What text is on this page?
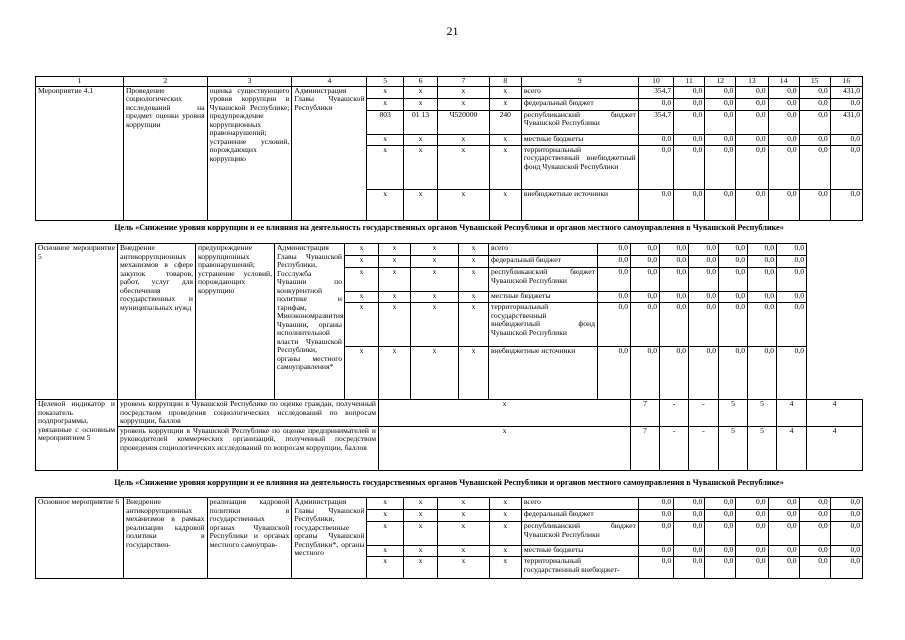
21
1	2	3	4	5	6	7	8	9	10	11	12	13	14	15	16
Мероприятие 4.1	Проведение социологических исследований на предмет оценки уровня коррупции	оценка существующего уровня коррупции в Чувашской Республике; предупреждение коррупционных правонарушений; устранение условий, порождающих коррупцию	Администрация Главы Чувашской Республики	x	x	x	x	всего	354,7	0,0	0,0	0,0	0,0	0,0	431,0
				x	x	x	x	федеральный бюджет	0,0	0,0	0,0	0,0	0,0	0,0	0,0
				803	01 13	Ч520000	240	республиканский бюджет Чувашской Республики	354,7	0,0	0,0	0,0	0,0	0,0	431,0
				x	x	x	x	местные бюджеты	0,0	0,0	0,0	0,0	0,0	0,0	0,0
				x	x	x	x	территориальный государственный внебюджетный фонд Чувашской Республики	0,0	0,0	0,0	0,0	0,0	0,0	0,0
				x	x	x	x	внебюджетные источники	0,0	0,0	0,0	0,0	0,0	0,0	0,0
Цель «Снижение уровня коррупции и ее влияния на деятельность государственных органов Чувашской Республики и органов местного самоуправления в Чувашской Республике»
Основное мероприятие 5	Внедрение антикоррупционных механизмов в сфере закупок товаров, работ, услуг для обеспечения государственных и муниципальных нужд	предупреждение коррупционных правонарушений; устранение условий, порождающих коррупцию	Администрация Главы Чувашской Республики, Госслужба Чувашии по конкурентной политике и тарифам, Минэкономразвития Чувашии, органы исполнительной власти Чувашской Республики, органы местного самоуправления*	x	x	x	x	всего	0,0	0,0	0,0	0,0	0,0	0,0	0,0	
				x	x	x	x	федеральный бюджет	0,0	0,0	0,0	0,0	0,0	0,0	0,0	
				x	x	x	x	республиканский бюджет Чувашской Республики	0,0	0,0	0,0	0,0	0,0	0,0	0,0	
				x	x	x	x	местные бюджеты	0,0	0,0	0,0	0,0	0,0	0,0	0,0	
				x	x	x	x	территориальный государственный внебюджетный фонд Чувашской Республики	0,0	0,0	0,0	0,0	0,0	0,0	0,0	
				x	x	x	x	внебюджетные источники	0,0	0,0	0,0	0,0	0,0	0,0	0,0	
Целевой индикатор и показатель подпрограммы, увязанные с основным мероприятием 5	уровень коррупции в Чувашской Республике по оценке граждан, полученный посредством проведения социологических исследований по вопросам коррупции, баллов				x					7	-	-	5	5	4	4
	уровень коррупции в Чувашской Республике по оценке предпринимателей и руководителей коммерческих организаций, полученный посредством проведения социологических исследований по вопросам коррупции, баллов				x					7	-	-	5	5	4	4
Цель «Снижение уровня коррупции и ее влияния на деятельность государственных органов Чувашской Республики и органов местного самоуправления в Чувашской Республике»
Основное мероприятие 6	Внедрение антикоррупционных механизмов в рамках реализации кадровой политики в государствен-	реализация кадровой политики в государственных органах Чувашской Республики и органах местного самоуправ-	Администрация Главы Чувашской Республики, государственные органы Чувашской Республики*, органы местного	x	x	x	x	всего	0,0	0,0	0,0	0,0	0,0	0,0	0,0
				x	x	x	x	федеральный бюджет	0,0	0,0	0,0	0,0	0,0	0,0	0,0
				x	x	x	x	республиканский бюджет Чувашской Республики	0,0	0,0	0,0	0,0	0,0	0,0	0,0
				x	x	x	x	местные бюджеты	0,0	0,0	0,0	0,0	0,0	0,0	0,0
				x	x	x	x	территориальный государственный внебюджет-	0,0	0,0	0,0	0,0	0,0	0,0	0,0
